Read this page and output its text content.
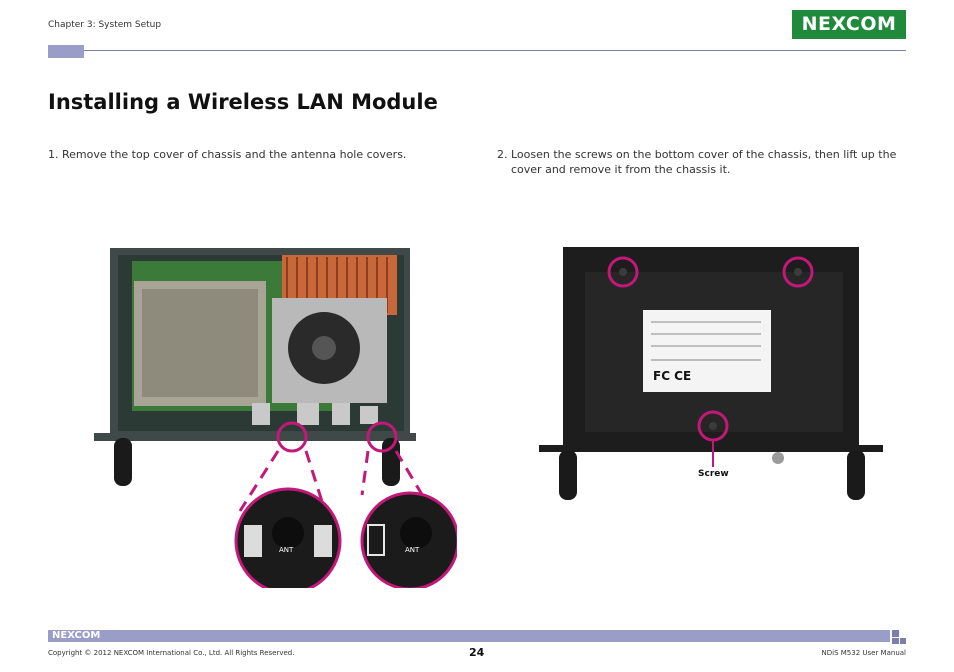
Chapter 3: System Setup	NEXCOM
Installing a Wireless LAN Module
1. Remove the top cover of chassis and the antenna hole covers.	2. Loosen the screws on the bottom cover of the chassis, then lift up the cover and remove it from the chassis it.
ANT	ANT
FC CE
Screw
NEXCOM
Copyright © 2012 NEXCOM International Co., Ltd. All Rights Reserved.	24	NDiS M532 User Manual
